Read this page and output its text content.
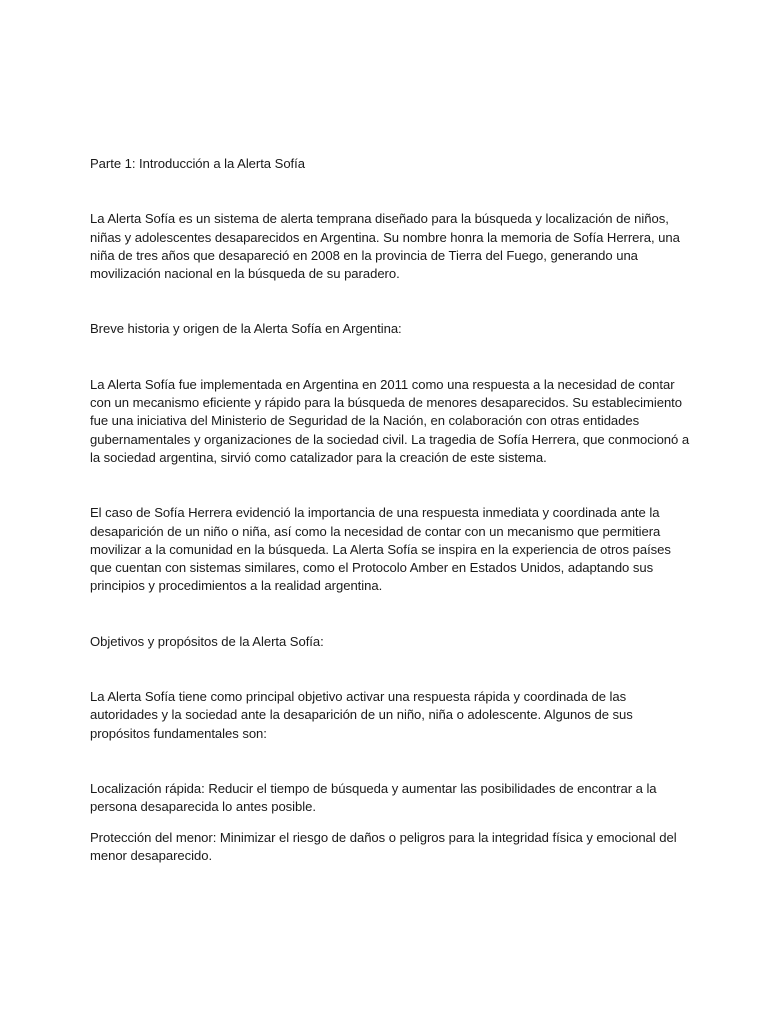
Parte 1: Introducción a la Alerta Sofía

La Alerta Sofía es un sistema de alerta temprana diseñado para la búsqueda y localización de niños, niñas y adolescentes desaparecidos en Argentina. Su nombre honra la memoria de Sofía Herrera, una niña de tres años que desapareció en 2008 en la provincia de Tierra del Fuego, generando una movilización nacional en la búsqueda de su paradero.

Breve historia y origen de la Alerta Sofía en Argentina:

La Alerta Sofía fue implementada en Argentina en 2011 como una respuesta a la necesidad de contar con un mecanismo eficiente y rápido para la búsqueda de menores desaparecidos. Su establecimiento fue una iniciativa del Ministerio de Seguridad de la Nación, en colaboración con otras entidades gubernamentales y organizaciones de la sociedad civil. La tragedia de Sofía Herrera, que conmocionó a la sociedad argentina, sirvió como catalizador para la creación de este sistema.

El caso de Sofía Herrera evidenció la importancia de una respuesta inmediata y coordinada ante la desaparición de un niño o niña, así como la necesidad de contar con un mecanismo que permitiera movilizar a la comunidad en la búsqueda. La Alerta Sofía se inspira en la experiencia de otros países que cuentan con sistemas similares, como el Protocolo Amber en Estados Unidos, adaptando sus principios y procedimientos a la realidad argentina.

Objetivos y propósitos de la Alerta Sofía:

La Alerta Sofía tiene como principal objetivo activar una respuesta rápida y coordinada de las autoridades y la sociedad ante la desaparición de un niño, niña o adolescente. Algunos de sus propósitos fundamentales son:

Localización rápida: Reducir el tiempo de búsqueda y aumentar las posibilidades de encontrar a la persona desaparecida lo antes posible.

Protección del menor: Minimizar el riesgo de daños o peligros para la integridad física y emocional del menor desaparecido.
